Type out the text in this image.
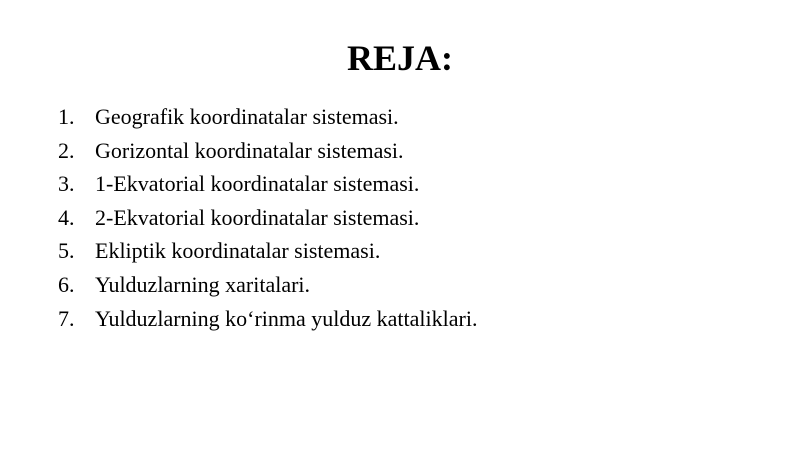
REJA:
1. Geografik koordinatalar sistemasi.
2. Gorizontal koordinatalar sistemasi.
3. 1-Ekvatorial koordinatalar sistemasi.
4. 2-Ekvatorial koordinatalar sistemasi.
5. Ekliptik koordinatalar sistemasi.
6. Yulduzlarning xaritalari.
7. Yulduzlarning ko‘rinma yulduz kattaliklari.
